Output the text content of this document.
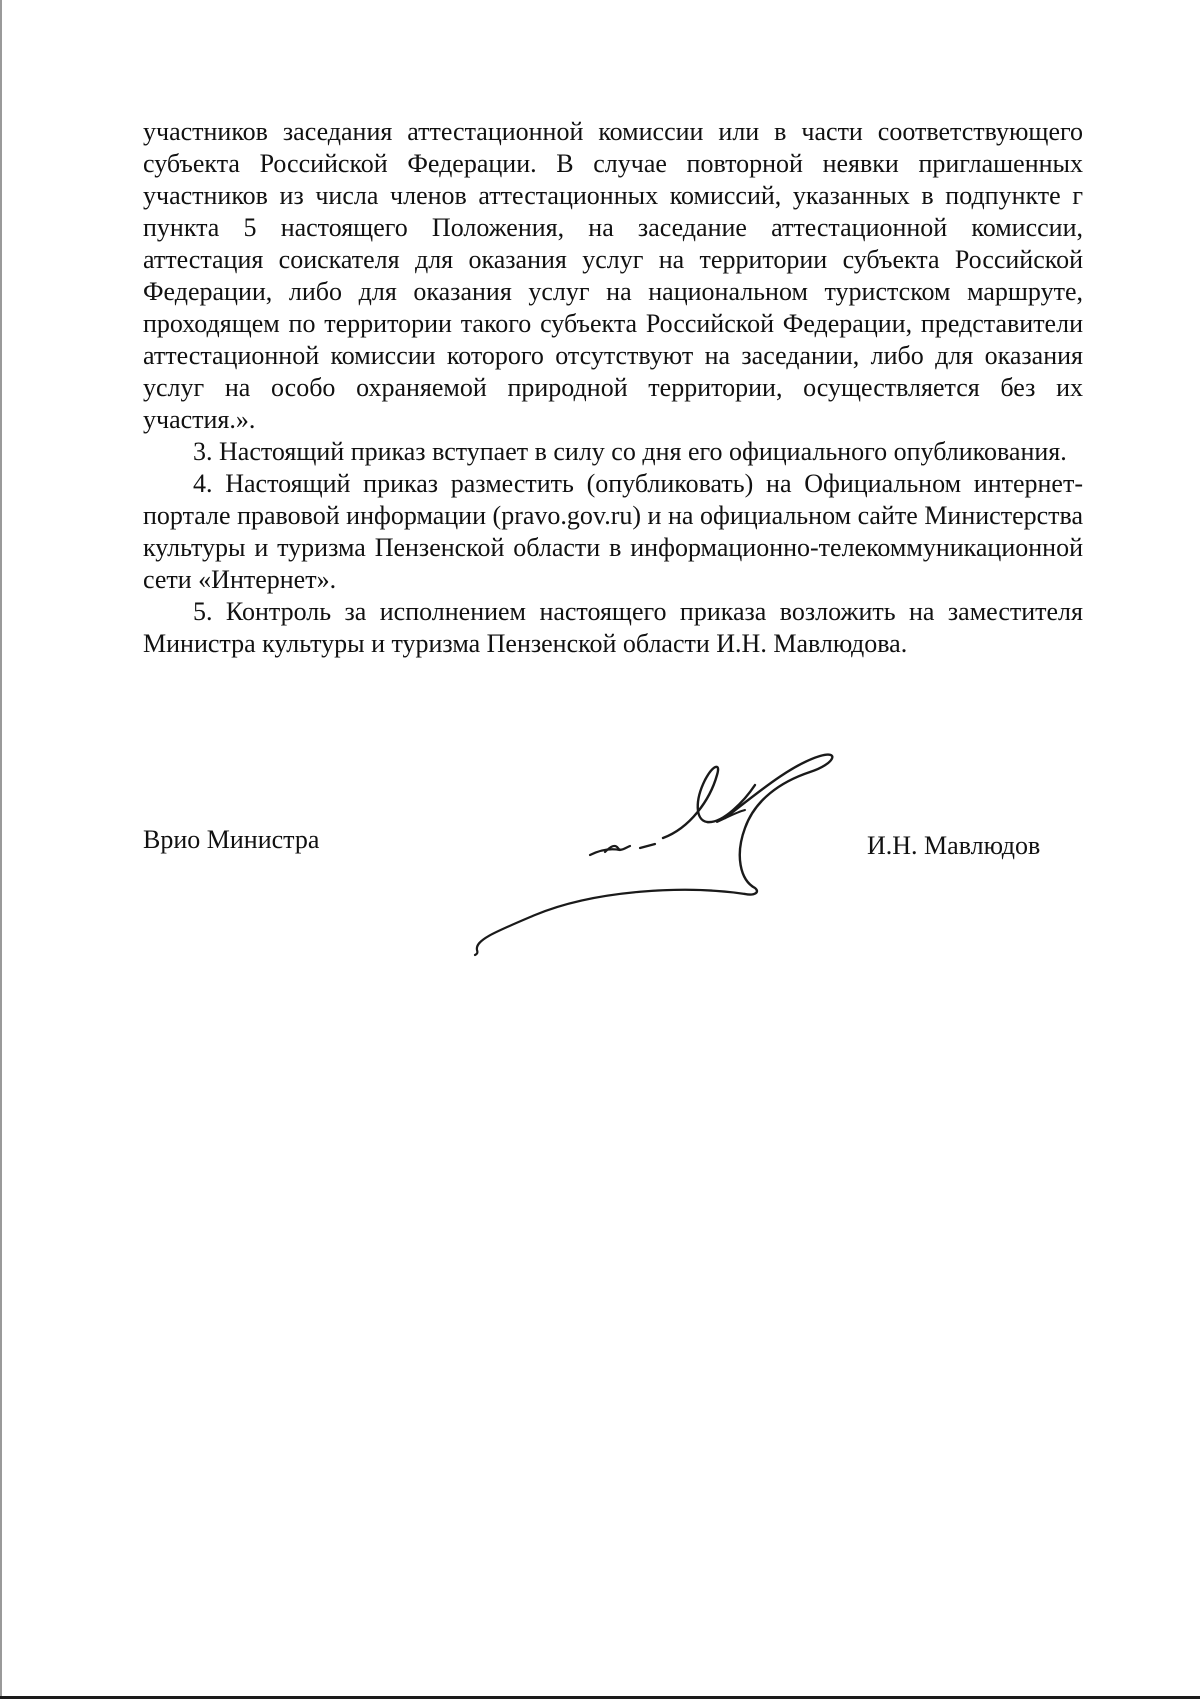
участников заседания аттестационной комиссии или в части соответствующего субъекта Российской Федерации. В случае повторной неявки приглашенных участников из числа членов аттестационных комиссий, указанных в подпункте г пункта 5 настоящего Положения, на заседание аттестационной комиссии, аттестация соискателя для оказания услуг на территории субъекта Российской Федерации, либо для оказания услуг на национальном туристском маршруте, проходящем по территории такого субъекта Российской Федерации, представители аттестационной комиссии которого отсутствуют на заседании, либо для оказания услуг на особо охраняемой природной территории, осуществляется без их участия.».

3. Настоящий приказ вступает в силу со дня его официального опубликования.

4. Настоящий приказ разместить (опубликовать) на Официальном интернет-портале правовой информации (pravo.gov.ru) и на официальном сайте Министерства культуры и туризма Пензенской области в информационно-телекоммуникационной сети «Интернет».

5. Контроль за исполнением настоящего приказа возложить на заместителя Министра культуры и туризма Пензенской области И.Н. Мавлюдова.

Врио Министра	И.Н. Мавлюдов
